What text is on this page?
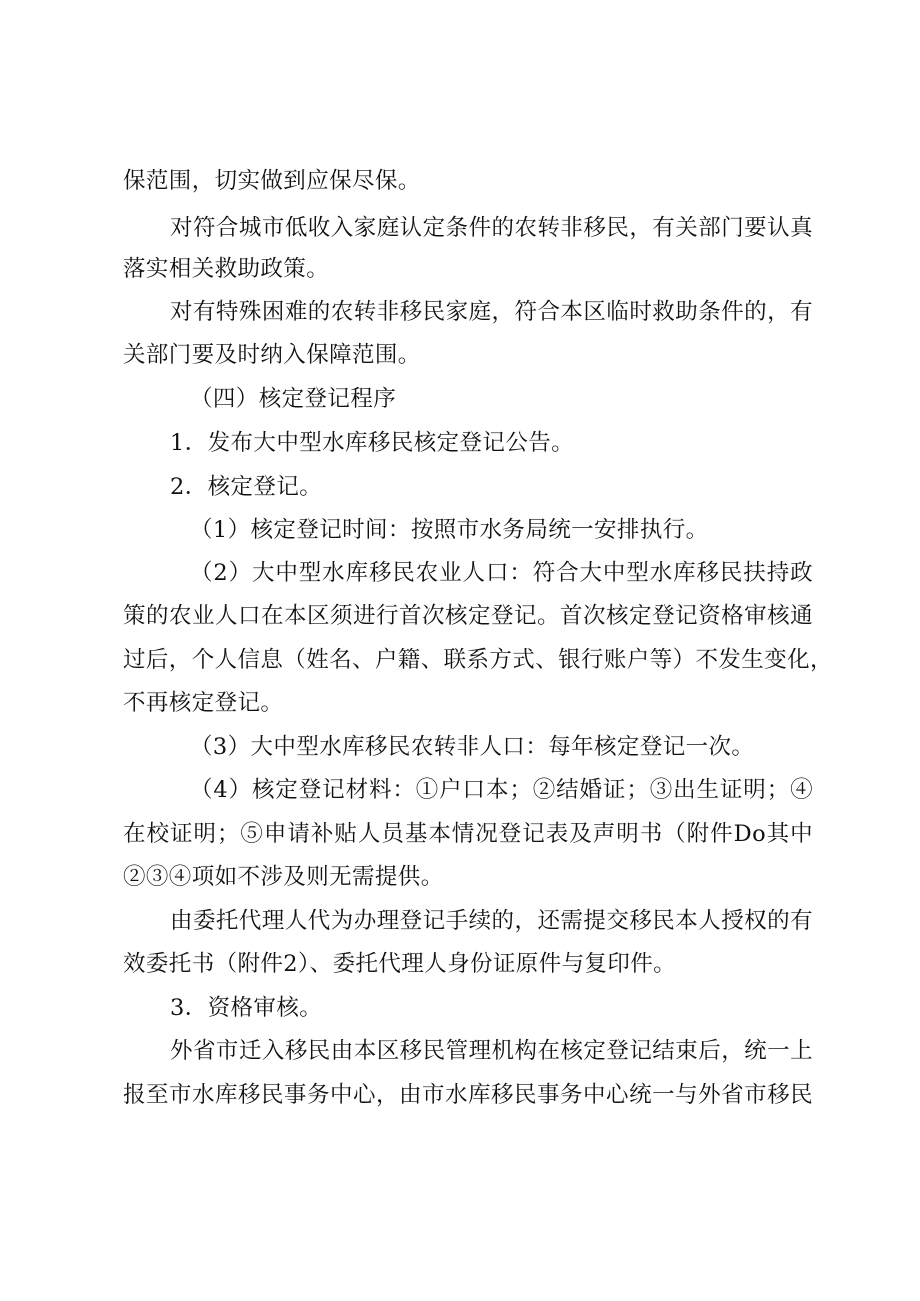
保范围，切实做到应保尽保。
对符合城市低收入家庭认定条件的农转非移民，有关部门要认真
落实相关救助政策。
对有特殊困难的农转非移民家庭，符合本区临时救助条件的，有
关部门要及时纳入保障范围。
（四）核定登记程序
1．发布大中型水库移民核定登记公告。
2．核定登记。
（1）核定登记时间：按照市水务局统一安排执行。
（2）大中型水库移民农业人口：符合大中型水库移民扶持政
策的农业人口在本区须进行首次核定登记。首次核定登记资格审核通
过后，个人信息（姓名、户籍、联系方式、银行账户等）不发生变化，
不再核定登记。
（3）大中型水库移民农转非人口：每年核定登记一次。
（4）核定登记材料：①户口本；②结婚证；③出生证明；④
在校证明；⑤申请补贴人员基本情况登记表及声明书（附件Do其中
②③④项如不涉及则无需提供。
由委托代理人代为办理登记手续的，还需提交移民本人授权的有
效委托书（附件2）、委托代理人身份证原件与复印件。
3．资格审核。
外省市迁入移民由本区移民管理机构在核定登记结束后，统一上
报至市水库移民事务中心，由市水库移民事务中心统一与外省市移民
